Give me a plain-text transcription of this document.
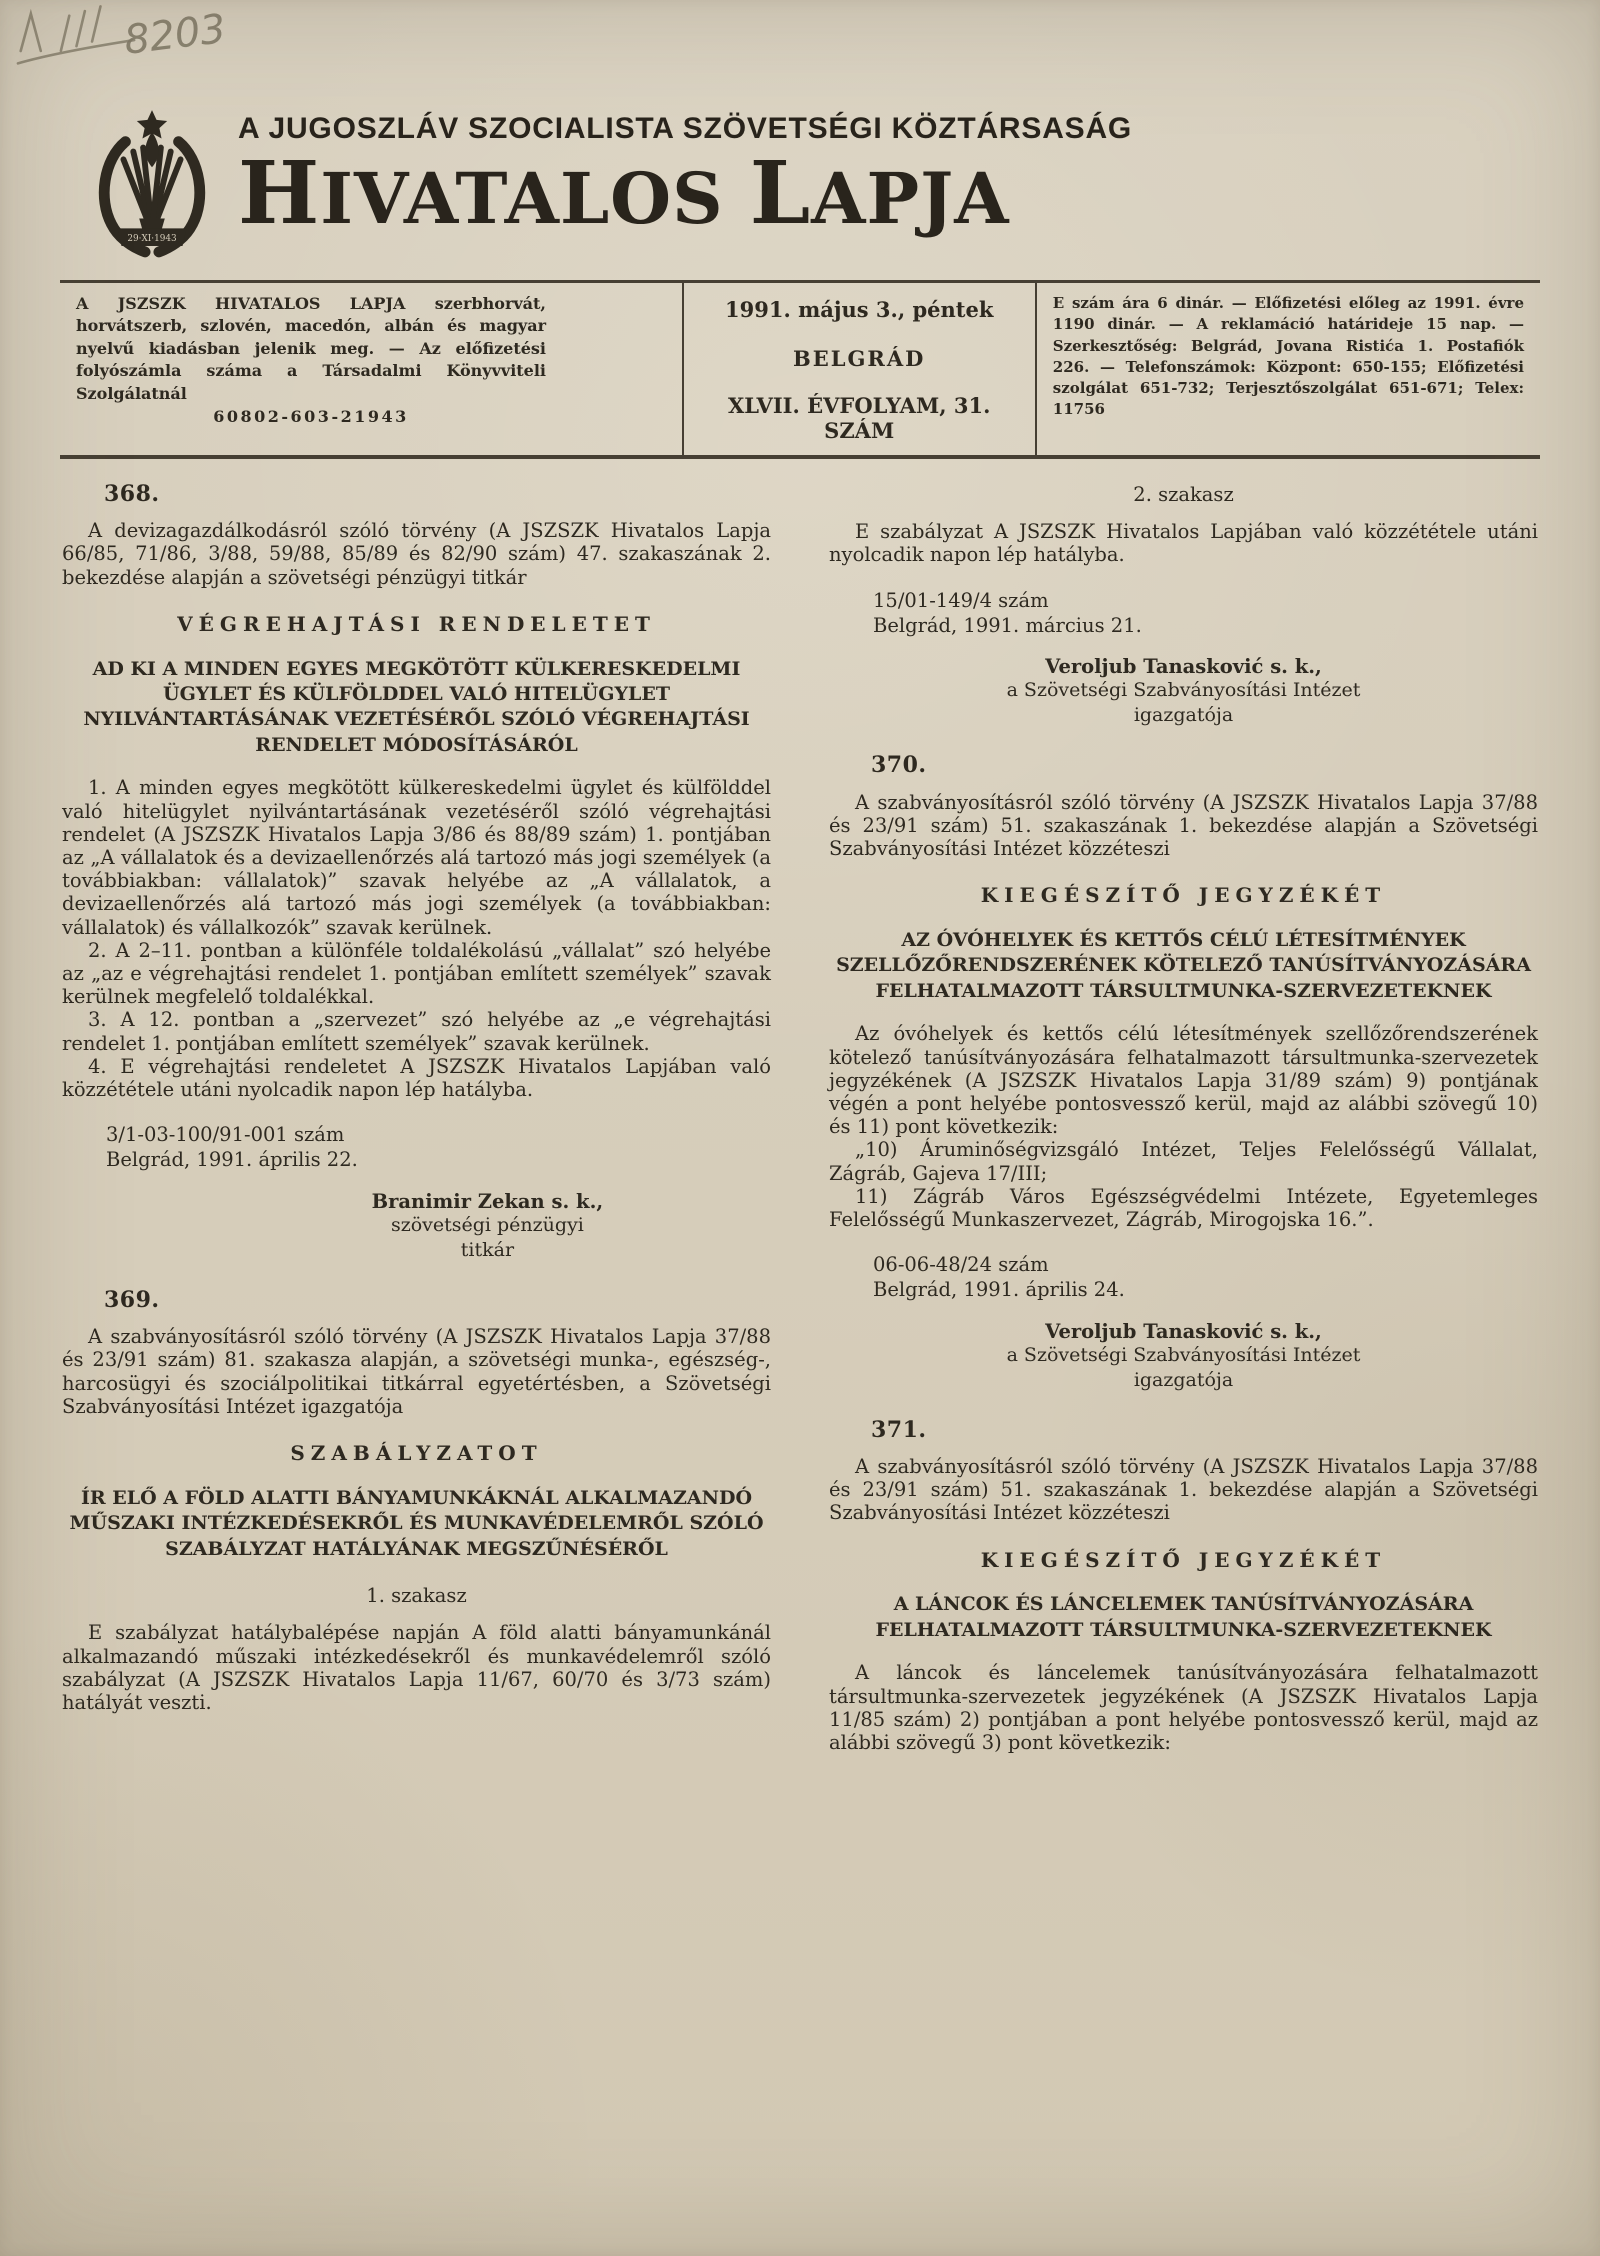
8203
29·XI·1943
A JUGOSZLÁV SZOCIALISTA SZÖVETSÉGI KÖZTÁRSASÁG
HIVATALOS LAPJA

A JSZSZK HIVATALOS LAPJA szerbhorvát, horvátszerb, szlovén, macedón, albán és magyar nyelvű kiadásban jelenik meg. — Az előfizetési folyószámla száma a Társadalmi Könyvviteli Szolgálatnál

60802-603-21943

1991. május 3., péntek
BELGRÁD
XLVII. ÉVFOLYAM, 31. SZÁM

E szám ára 6 dinár. — Előfizetési előleg az 1991. évre 1190 dinár. — A reklamáció határideje 15 nap. — Szerkesztőség: Belgrád, Jovana Ristića 1. Postafiók 226. — Telefonszámok: Központ: 650-155; Előfizetési szolgálat 651-732; Terjesztőszolgálat 651-671; Telex: 11756

368.

A devizagazdálkodásról szóló törvény (A JSZSZK Hivatalos Lapja 66/85, 71/86, 3/88, 59/88, 85/89 és 82/90 szám) 47. szakaszának 2. bekezdése alapján a szövetségi pénzügyi titkár

VÉGREHAJTÁSI RENDELETET
AD KI A MINDEN EGYES MEGKÖTÖTT KÜLKERESKEDELMI ÜGYLET ÉS KÜLFÖLDDEL VALÓ HITELÜGYLET NYILVÁNTARTÁSÁNAK VEZETÉSÉRŐL SZÓLÓ VÉGREHAJTÁSI RENDELET MÓDOSÍTÁSÁRÓL

1. A minden egyes megkötött külkereskedelmi ügylet és külfölddel való hitelügylet nyilvántartásának vezetéséről szóló végrehajtási rendelet (A JSZSZK Hivatalos Lapja 3/86 és 88/89 szám) 1. pontjában az „A vállalatok és a devizaellenőrzés alá tartozó más jogi személyek (a továbbiakban: vállalatok)” szavak helyébe az „A vállalatok, a devizaellenőrzés alá tartozó más jogi személyek (a továbbiakban: vállalatok) és vállalkozók” szavak kerülnek.

2. A 2–11. pontban a különféle toldalékolású „vállalat” szó helyébe az „az e végrehajtási rendelet 1. pontjában említett személyek” szavak kerülnek megfelelő toldalékkal.

3. A 12. pontban a „szervezet” szó helyébe az „e végrehajtási rendelet 1. pontjában említett személyek” szavak kerülnek.

4. E végrehajtási rendeletet A JSZSZK Hivatalos Lapjában való közzététele utáni nyolcadik napon lép hatályba.

3/1-03-100/91-001 szám
Belgrád, 1991. április 22.
Branimir Zekan s. k.,
szövetségi pénzügyi
titkár
369.

A szabványosításról szóló törvény (A JSZSZK Hivatalos Lapja 37/88 és 23/91 szám) 81. szakasza alapján, a szövetségi munka-, egészség-, harcosügyi és szociálpolitikai titkárral egyetértésben, a Szövetségi Szabványosítási Intézet igazgatója

SZABÁLYZATOT
ÍR ELŐ A FÖLD ALATTI BÁNYAMUNKÁKNÁL ALKALMAZANDÓ MŰSZAKI INTÉZKEDÉSEKRŐL ÉS MUNKAVÉDELEMRŐL SZÓLÓ SZABÁLYZAT HATÁLYÁNAK MEGSZŰNÉSÉRŐL
1. szakasz

E szabályzat hatálybalépése napján A föld alatti bányamunkánál alkalmazandó műszaki intézkedésekről és munkavédelemről szóló szabályzat (A JSZSZK Hivatalos Lapja 11/67, 60/70 és 3/73 szám) hatályát veszti.

2. szakasz

E szabályzat A JSZSZK Hivatalos Lapjában való közzététele utáni nyolcadik napon lép hatályba.

15/01-149/4 szám
Belgrád, 1991. március 21.
Veroljub Tanasković s. k.,
a Szövetségi Szabványosítási Intézet
igazgatója
370.

A szabványosításról szóló törvény (A JSZSZK Hivatalos Lapja 37/88 és 23/91 szám) 51. szakaszának 1. bekezdése alapján a Szövetségi Szabványosítási Intézet közzéteszi

KIEGÉSZÍTŐ JEGYZÉKÉT
AZ ÓVÓHELYEK ÉS KETTŐS CÉLÚ LÉTESÍTMÉNYEK SZELLŐZŐRENDSZERÉNEK KÖTELEZŐ TANÚSÍTVÁNYOZÁSÁRA FELHATALMAZOTT TÁRSULTMUNKA-SZERVEZETEKNEK

Az óvóhelyek és kettős célú létesítmények szellőzőrendszerének kötelező tanúsítványozására felhatalmazott társultmunka-szervezetek jegyzékének (A JSZSZK Hivatalos Lapja 31/89 szám) 9) pontjának végén a pont helyébe pontosvessző kerül, majd az alábbi szövegű 10) és 11) pont következik:

„10) Áruminőségvizsgáló Intézet, Teljes Felelősségű Vállalat, Zágráb, Gajeva 17/III;

11) Zágráb Város Egészségvédelmi Intézete, Egyetemleges Felelősségű Munkaszervezet, Zágráb, Mirogojska 16.”.

06-06-48/24 szám
Belgrád, 1991. április 24.
Veroljub Tanasković s. k.,
a Szövetségi Szabványosítási Intézet
igazgatója
371.

A szabványosításról szóló törvény (A JSZSZK Hivatalos Lapja 37/88 és 23/91 szám) 51. szakaszának 1. bekezdése alapján a Szövetségi Szabványosítási Intézet közzéteszi

KIEGÉSZÍTŐ JEGYZÉKÉT
A LÁNCOK ÉS LÁNCELEMEK TANÚSÍTVÁNYOZÁSÁRA FELHATALMAZOTT TÁRSULTMUNKA-SZERVEZETEKNEK

A láncok és láncelemek tanúsítványozására felhatalmazott társultmunka-szervezetek jegyzékének (A JSZSZK Hivatalos Lapja 11/85 szám) 2) pontjában a pont helyébe pontosvessző kerül, majd az alábbi szövegű 3) pont következik:
